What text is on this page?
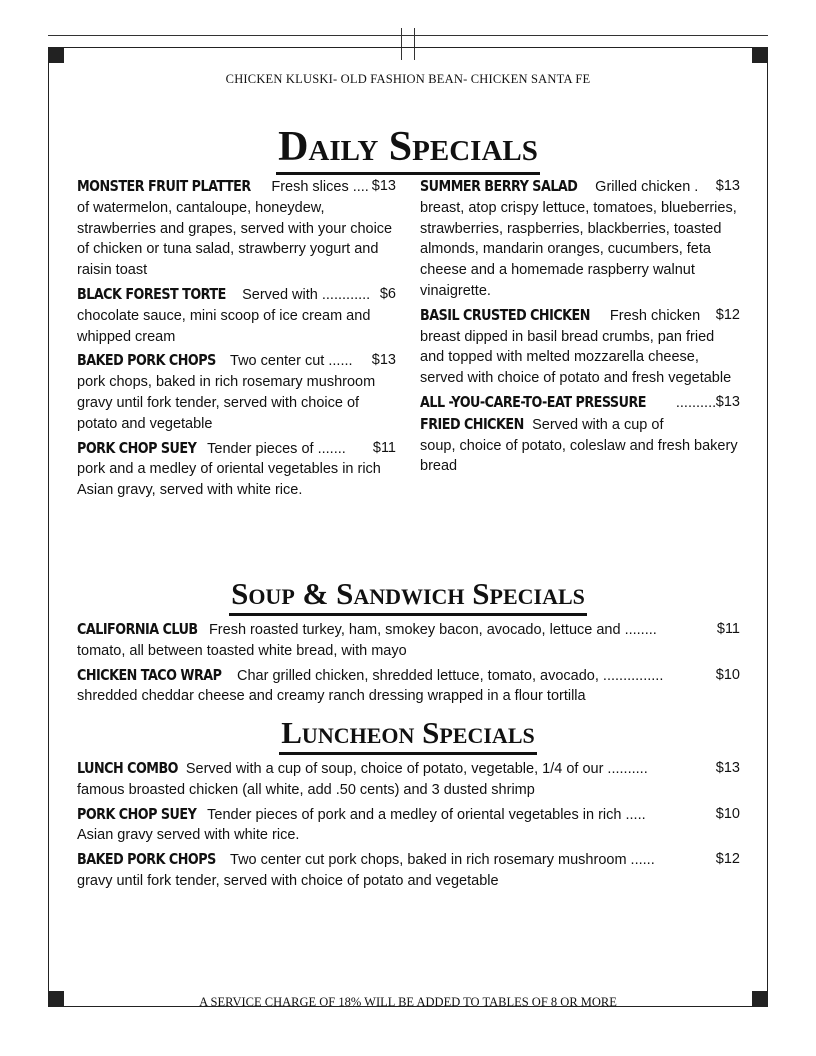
CHICKEN KLUSKI- OLD FASHION BEAN- CHICKEN SANTA FE
Daily Specials
MONSTER FRUIT PLATTER Fresh slices .... $13
of watermelon, cantaloupe, honeydew, strawberries and grapes, served with your choice of chicken or tuna salad, strawberry yogurt and raisin toast
BLACK FOREST TORTE Served with ............ $6
chocolate sauce, mini scoop of ice cream and whipped cream
BAKED PORK CHOPS Two center cut ...... $13
pork chops, baked in rich rosemary mushroom gravy until fork tender, served with choice of potato and vegetable
PORK CHOP SUEY Tender pieces of ....... $11
pork and a medley of oriental vegetables in rich Asian gravy, served with white rice.
SUMMER BERRY SALAD Grilled chicken . $13
breast, atop crispy lettuce, tomatoes, blueberries, strawberries, raspberries, blackberries, toasted almonds, mandarin oranges, cucumbers, feta cheese and a homemade raspberry walnut vinaigrette.
BASIL CRUSTED CHICKEN Fresh chicken $12
breast dipped in basil bread crumbs, pan fried and topped with melted mozzarella cheese, served with choice of potato and fresh vegetable
ALL -YOU-CARE-TO-EAT PRESSURE .......... $13
FRIED CHICKEN Served with a cup of
soup, choice of potato, coleslaw and fresh bakery bread
Soup & Sandwich Specials
CALIFORNIA CLUB Fresh roasted turkey, ham, smokey bacon, avocado, lettuce and ........	$11
tomato, all between toasted white bread, with mayo
CHICKEN TACO WRAP Char grilled chicken, shredded lettuce, tomato, avocado, ...............	$10
shredded cheddar cheese and creamy ranch dressing wrapped in a flour tortilla
Luncheon Specials
LUNCH COMBO Served with a cup of soup, choice of potato, vegetable, 1/4 of our ..........	$13
famous broasted chicken (all white, add .50 cents) and 3 dusted shrimp
PORK CHOP SUEY Tender pieces of pork and a medley of oriental vegetables in rich .....	$10
Asian gravy served with white rice.
BAKED PORK CHOPS Two center cut pork chops, baked in rich rosemary mushroom ......	$12
gravy until fork tender, served with choice of potato and vegetable
A SERVICE CHARGE OF 18% WILL BE ADDED TO TABLES OF 8 OR MORE
